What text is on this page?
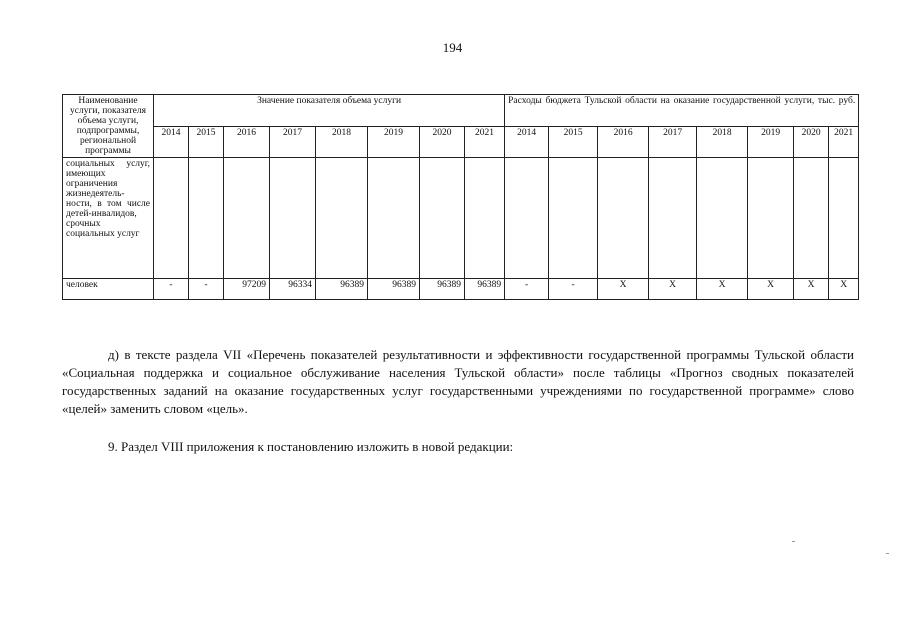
194
Наименование услуги, показателя объема услуги, подпрограммы, региональной программы	Значение показателя объема услуги								Расходы бюджета Тульской области на оказание государственной услуги, тыс. руб.							
	2014	2015	2016	2017	2018	2019	2020	2021	2014	2015	2016	2017	2018	2019	2020	2021
социальных услуг, имеющих ограничения жизнедеятель-ности, в том числе детей-инвалидов, срочных социальных услуг																
человек	-	-	97209	96334	96389	96389	96389	96389	-	-	X	X	X	X	X	X
д) в тексте раздела VII «Перечень показателей результативности и эффективности государственной программы Тульской области «Социальная поддержка и социальное обслуживание населения Тульской области» после таблицы «Прогноз сводных показателей государственных заданий на оказание государственных услуг государственными учреждениями по государственной программе» слово «целей» заменить словом «цель».
9. Раздел VIII приложения к постановлению изложить в новой редакции:
